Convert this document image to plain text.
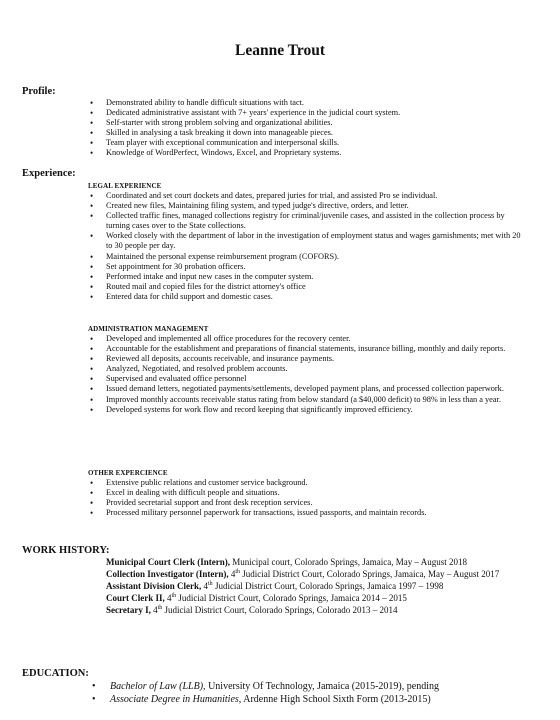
Leanne Trout
Profile:
• Demonstrated ability to handle difficult situations with tact.
• Dedicated administrative assistant with 7+ years' experience in the judicial court system.
• Self-starter with strong problem solving and organizational abilities.
• Skilled in analysing a task breaking it down into manageable pieces.
• Team player with exceptional communication and interpersonal skills.
• Knowledge of WordPerfect, Windows, Excel, and Proprietary systems.
Experience:
LEGAL EXPERIENCE
• Coordinated and set court dockets and dates, prepared juries for trial, and assisted Pro se individual.
• Created new files, Maintaining filing system, and typed judge's directive, orders, and letter.
• Collected traffic fines, managed collections registry for criminal/juvenile cases, and assisted in the collection process by turning cases over to the State collections.
• Worked closely with the department of labor in the investigation of employment status and wages garnishments; met with 20 to 30 people per day.
• Maintained the personal expense reimbursement program (COFORS).
• Set appointment for 30 probation officers.
• Performed intake and input new cases in the computer system.
• Routed mail and copied files for the district attorney's office
• Entered data for child support and domestic cases.
ADMINISTRATION MANAGEMENT
• Developed and implemented all office procedures for the recovery center.
• Accountable for the establishment and preparations of financial statements, insurance billing, monthly and daily reports.
• Reviewed all deposits, accounts receivable, and insurance payments.
• Analyzed, Negotiated, and resolved problem accounts.
• Supervised and evaluated office personnel
• Issued demand letters, negotiated payments/settlements, developed payment plans, and processed collection paperwork.
• Improved monthly accounts receivable status rating from below standard (a $40,000 deficit) to 98% in less than a year.
• Developed systems for work flow and record keeping that significantly improved efficiency.
OTHER EXPERCIENCE
• Extensive public relations and customer service background.
• Excel in dealing with difficult people and situations.
• Provided secretarial support and front desk reception services.
• Processed military personnel paperwork for transactions, issued passports, and maintain records.
WORK HISTORY:
Municipal Court Clerk (Intern), Municipal court, Colorado Springs, Jamaica, May – August 2018
Collection Investigator (Intern), 4th Judicial District Court, Colorado Springs, Jamaica, May – August 2017
Assistant Division Clerk, 4th Judicial District Court, Colorado Springs, Jamaica 1997 – 1998
Court Clerk II, 4th Judicial District Court, Colorado Springs, Jamaica 2014 – 2015
Secretary I, 4th Judicial District Court, Colorado Springs, Colorado 2013 – 2014
EDUCATION:
• Bachelor of Law (LLB), University Of Technology, Jamaica (2015-2019), pending
• Associate Degree in Humanities, Ardenne High School Sixth Form (2013-2015)
